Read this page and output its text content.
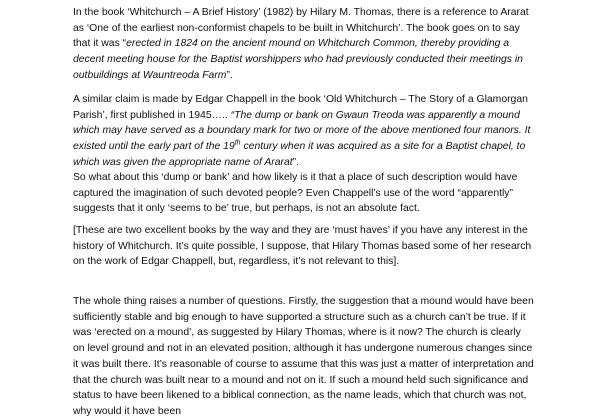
In the book ‘Whitchurch – A Brief History’ (1982) by Hilary M. Thomas, there is a reference to Ararat as ‘One of the earliest non-conformist chapels to be built in Whitchurch’. The book goes on to say that it was “erected in 1824 on the ancient mound on Whitchurch Common, thereby providing a decent meeting house for the Baptist worshippers who had previously conducted their meetings in outbuildings at Wauntreoda Farm”.

A similar claim is made by Edgar Chappell in the book ‘Old Whitchurch – The Story of a Glamorgan Parish’, first published in 1945….. “The dump or bank on Gwaun Treoda was apparently a mound which may have served as a boundary mark for two or more of the above mentioned four manors. It existed until the early part of the 19th century when it was acquired as a site for a Baptist chapel, to which was given the appropriate name of Ararat”.

So what about this ‘dump or bank’ and how likely is it that a place of such description would have captured the imagination of such devoted people? Even Chappell’s use of the word “apparently” suggests that it only ‘seems to be’ true, but perhaps, is not an absolute fact.

[These are two excellent books by the way and they are ‘must haves’ if you have any interest in the history of Whitchurch. It’s quite possible, I suppose, that Hilary Thomas based some of her research on the work of Edgar Chappell, but, regardless, it’s not relevant to this].

The whole thing raises a number of questions. Firstly, the suggestion that a mound would have been sufficiently stable and big enough to have supported a structure such as a church can’t be true. If it was ‘erected on a mound’, as suggested by Hilary Thomas, where is it now? The church is clearly on level ground and not in an elevated position, although it has undergone numerous changes since it was built there. It’s reasonable of course to assume that this was just a matter of interpretation and that the church was built near to a mound and not on it. If such a mound held such significance and status to have been likened to a biblical connection, as the name leads, which that church was not, why would it have been
